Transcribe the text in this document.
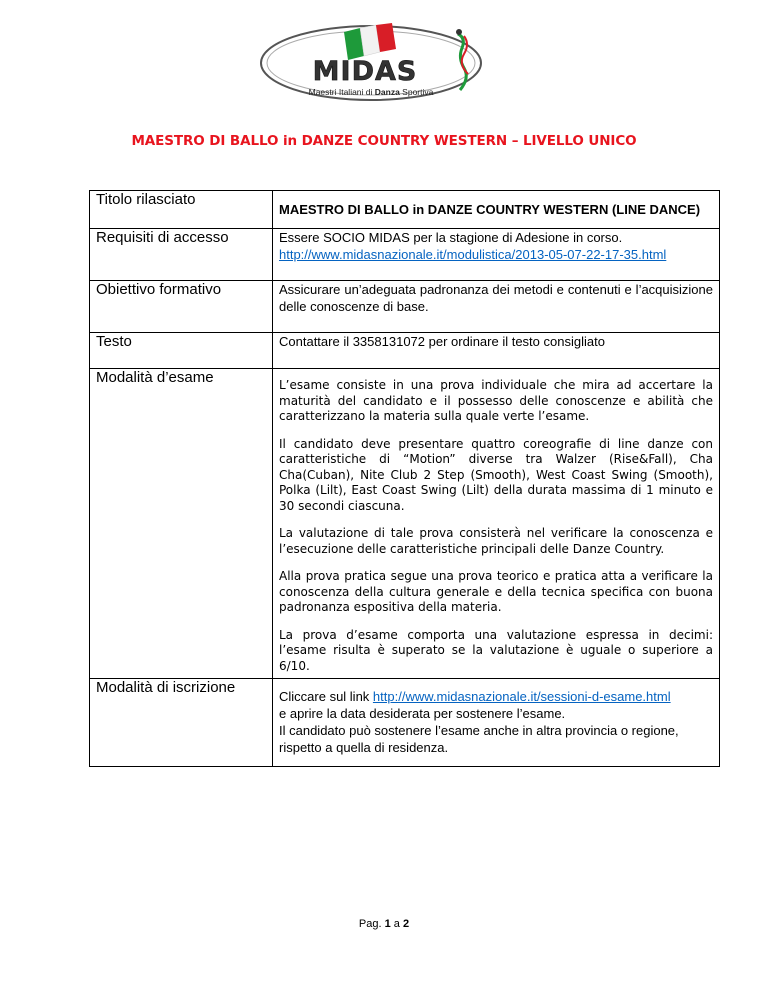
MIDAS
Maestri Italiani di Danza Sportiva
MAESTRO DI BALLO in DANZE COUNTRY WESTERN – LIVELLO UNICO
Titolo rilasciato	MAESTRO DI BALLO in DANZE COUNTRY WESTERN (LINE DANCE)
Requisiti di accesso	Essere SOCIO MIDAS per la stagione di Adesione in corso.
http://www.midasnazionale.it/modulistica/2013-05-07-22-17-35.html

Obiettivo formativo	Assicurare un’adeguata padronanza dei metodi e contenuti e l’acquisizione delle conoscenze di base.
Testo	Contattare il 3358131072 per ordinare il testo consigliato
Modalità d’esame	L’esame consiste in una prova individuale che mira ad accertare la maturità del candidato e il possesso delle conoscenze e abilità che caratterizzano la materia sulla quale verte l’esame.

Il candidato deve presentare quattro coreografie di line danze con caratteristiche di “Motion” diverse tra Walzer (Rise&Fall), Cha Cha(Cuban), Nite Club 2 Step (Smooth), West Coast Swing (Smooth), Polka (Lilt), East Coast Swing (Lilt) della durata massima di 1 minuto e 30 secondi ciascuna.

La valutazione di tale prova consisterà nel verificare la conoscenza e l’esecuzione delle caratteristiche principali delle Danze Country.

Alla prova pratica segue una prova teorico e pratica atta a verificare la conoscenza della cultura generale e della tecnica specifica con buona padronanza espositiva della materia.

La prova d’esame comporta una valutazione espressa in decimi: l’esame risulta è superato se la valutazione è uguale o superiore a 6/10.

Modalità di iscrizione	Cliccare sul link http://www.midasnazionale.it/sessioni-d-esame.html
e aprire la data desiderata per sostenere l’esame.
Il candidato può sostenere l’esame anche in altra provincia o regione, rispetto a quella di residenza.
Pag. 1 a 2
